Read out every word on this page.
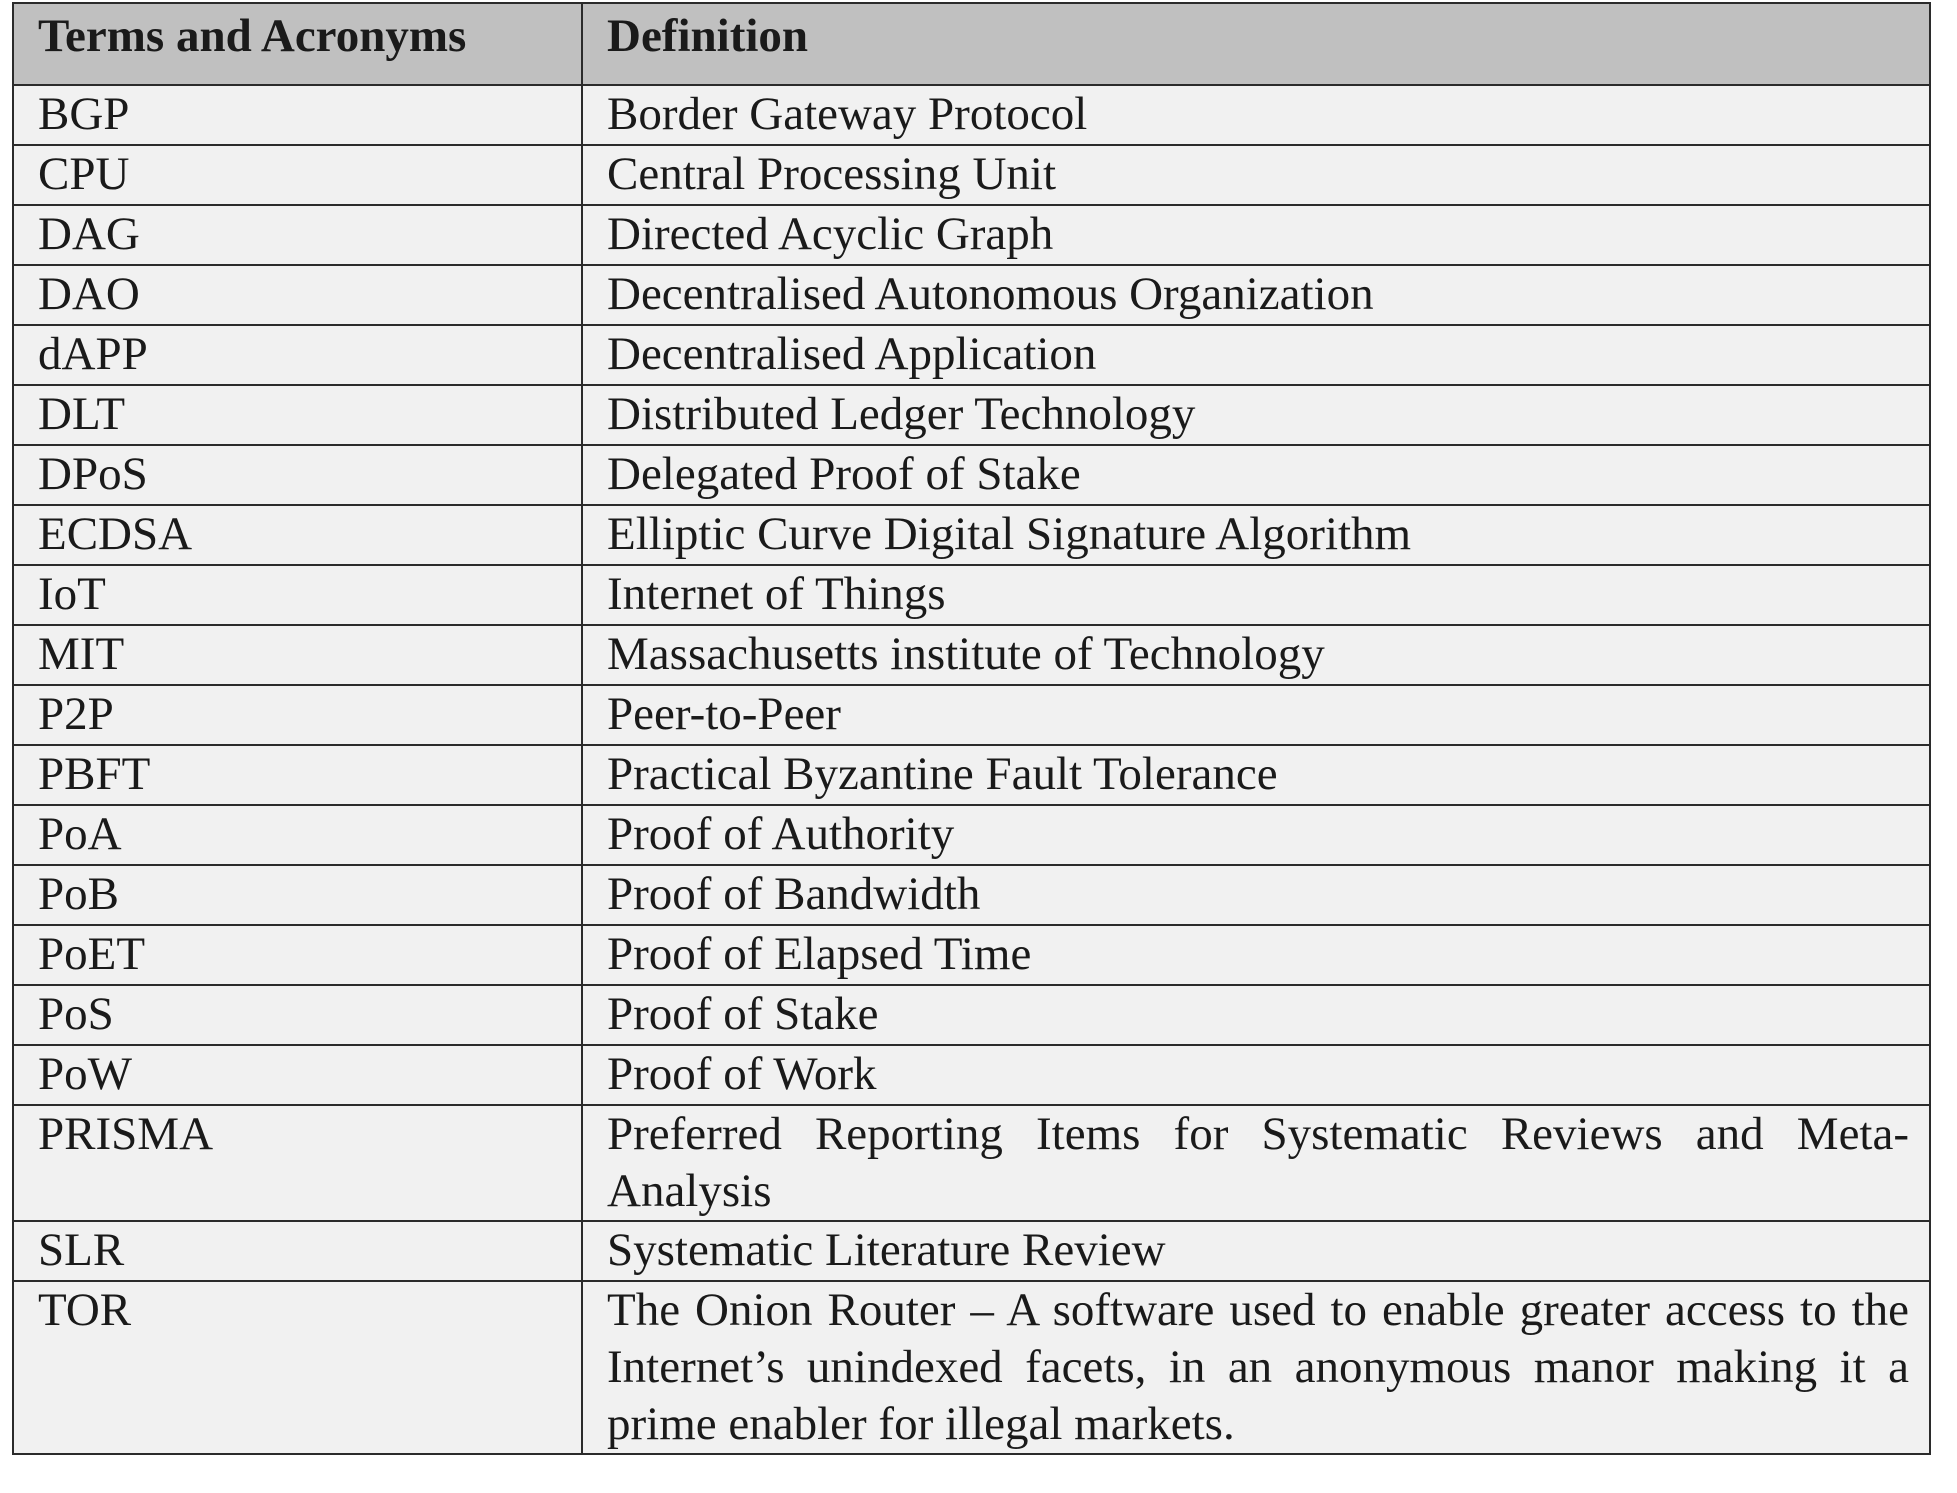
Terms and Acronyms	Definition
BGP	Border Gateway Protocol
CPU	Central Processing Unit
DAG	Directed Acyclic Graph
DAO	Decentralised Autonomous Organization
dAPP	Decentralised Application
DLT	Distributed Ledger Technology
DPoS	Delegated Proof of Stake
ECDSA	Elliptic Curve Digital Signature Algorithm
IoT	Internet of Things
MIT	Massachusetts institute of Technology
P2P	Peer-to-Peer
PBFT	Practical Byzantine Fault Tolerance
PoA	Proof of Authority
PoB	Proof of Bandwidth
PoET	Proof of Elapsed Time
PoS	Proof of Stake
PoW	Proof of Work
PRISMA	Preferred Reporting Items for Systematic Reviews and Meta-Analysis
SLR	Systematic Literature Review
TOR	The Onion Router – A software used to enable greater access to the Internet’s unindexed facets, in an anonymous manor making it a prime enabler for illegal markets.
